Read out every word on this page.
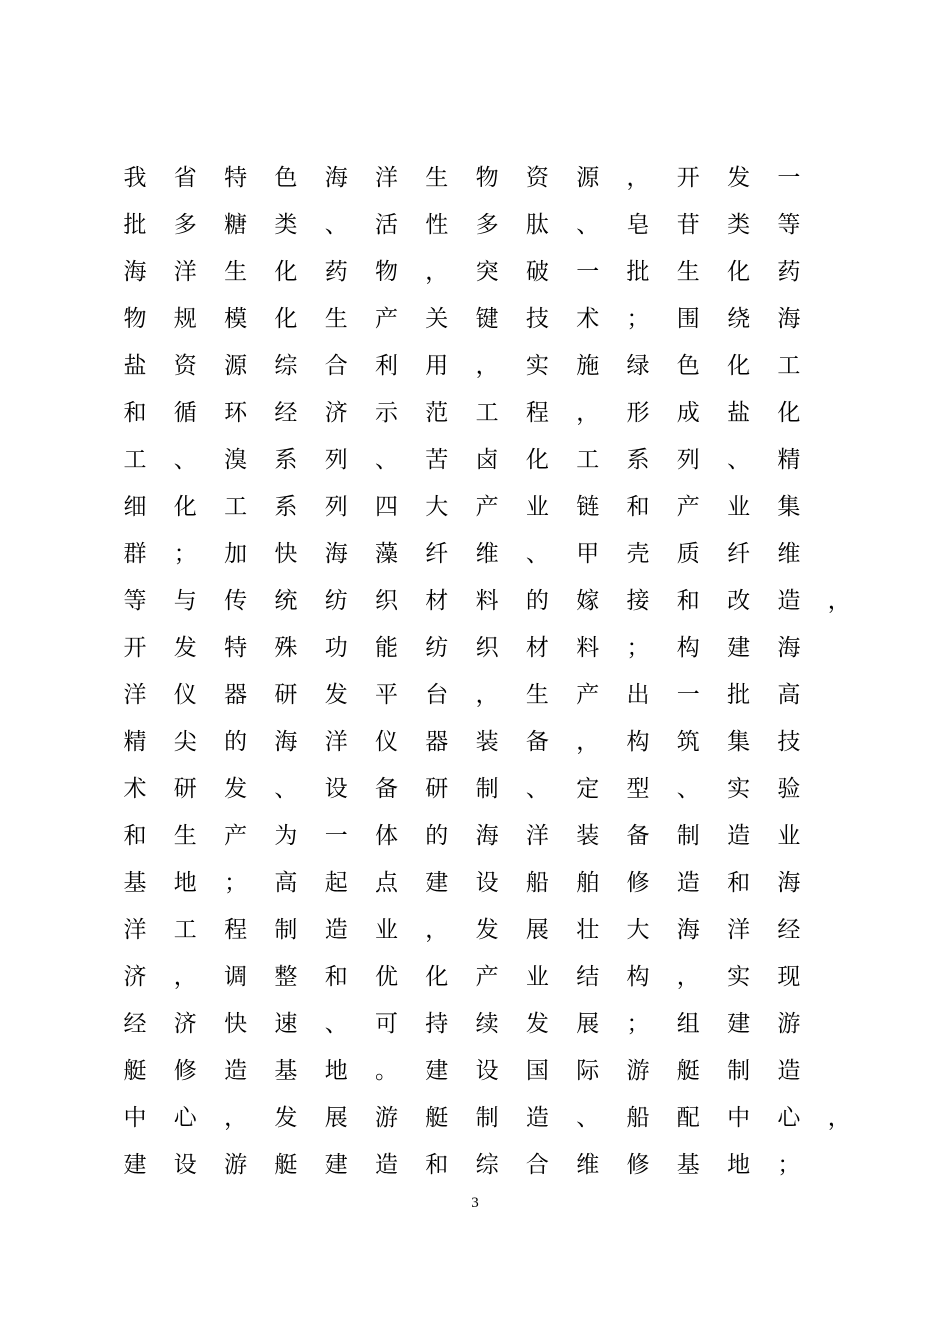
我	省	特	色	海	洋	生	物	资	源	，	开	发	一
批	多	糖	类	、	活	性	多	肽	、	皂	苷	类	等
海	洋	生	化	药	物	，	突	破	一	批	生	化	药
物	规	模	化	生	产	关	键	技	术	；	围	绕	海
盐	资	源	综	合	利	用	，	实	施	绿	色	化	工
和	循	环	经	济	示	范	工	程	，	形	成	盐	化
工	、	溴	系	列	、	苦	卤	化	工	系	列	、	精
细	化	工	系	列	四	大	产	业	链	和	产	业	集
群	；	加	快	海	藻	纤	维	、	甲	壳	质	纤	维
等	与	传	统	纺	织	材	料	的	嫁	接	和	改	造	，
开	发	特	殊	功	能	纺	织	材	料	；	构	建	海
洋	仪	器	研	发	平	台	，	生	产	出	一	批	高
精	尖	的	海	洋	仪	器	装	备	，	构	筑	集	技
术	研	发	、	设	备	研	制	、	定	型	、	实	验
和	生	产	为	一	体	的	海	洋	装	备	制	造	业
基	地	；	高	起	点	建	设	船	舶	修	造	和	海
洋	工	程	制	造	业	，	发	展	壮	大	海	洋	经
济	，	调	整	和	优	化	产	业	结	构	，	实	现
经	济	快	速	、	可	持	续	发	展	；	组	建	游
艇	修	造	基	地	。	建	设	国	际	游	艇	制	造
中	心	，	发	展	游	艇	制	造	、	船	配	中	心	，
建	设	游	艇	建	造	和	综	合	维	修	基	地	；
3
